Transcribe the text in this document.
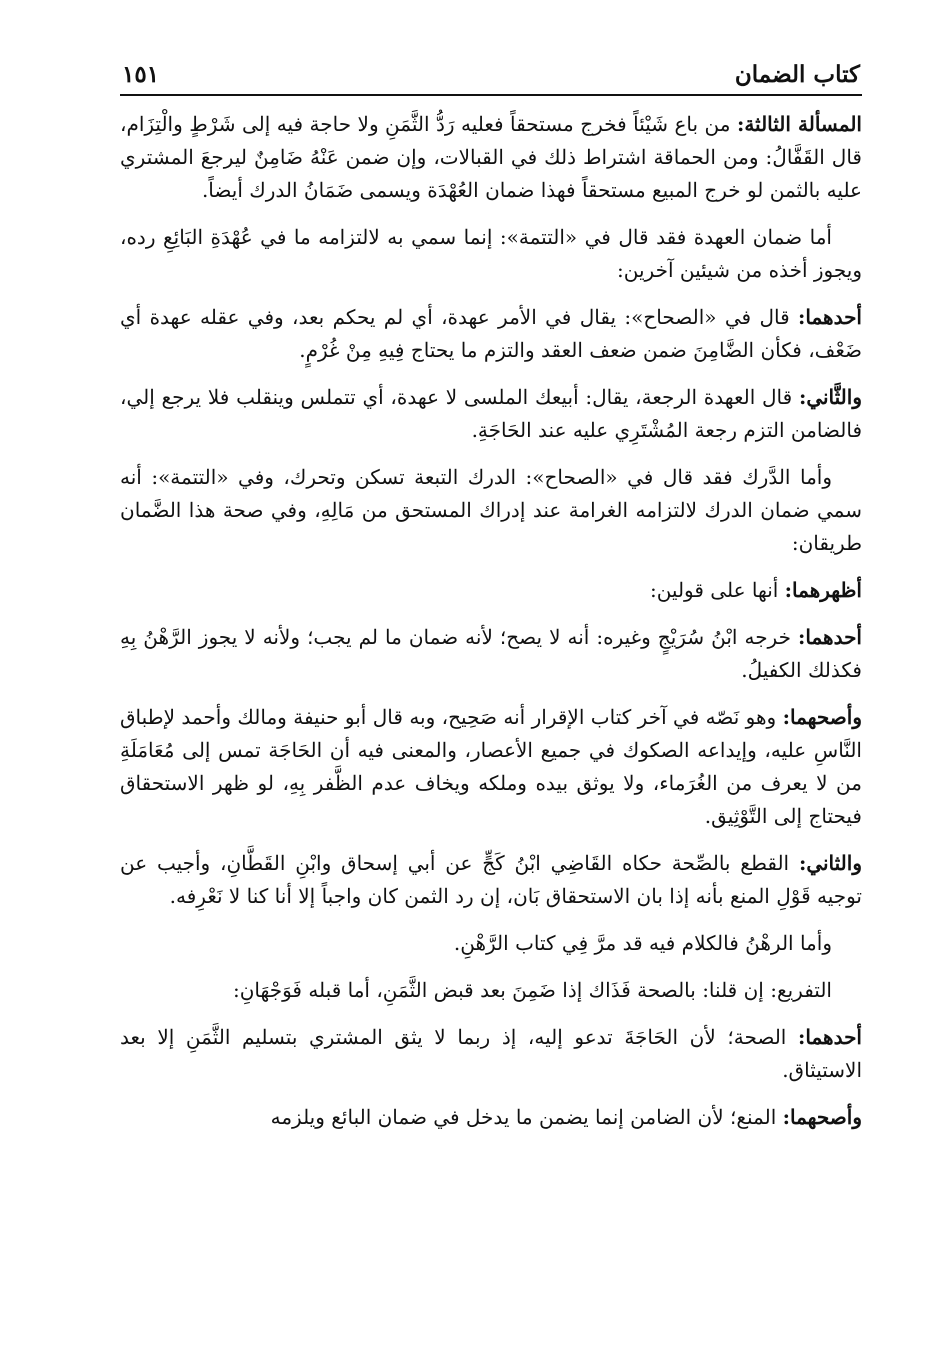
١٥١	كتاب الضمان

المسألة الثالثة: من باع شَيْئاً فخرج مستحقاً فعليه رَدُّ الثَّمَنِ ولا حاجة فيه إلى شَرْطٍ والْتِزَام، قال القَفَّالُ: ومن الحماقة اشتراط ذلك في القبالات، وإن ضمن عَنْهُ ضَامِنٌ ليرجعَ المشتري عليه بالثمن لو خرج المبيع مستحقاً فهذا ضمان العُهْدَة ويسمى ضَمَانُ الدرك أيضاً.

أما ضمان العهدة فقد قال في «التتمة»: إنما سمي به لالتزامه ما في عُهْدَةِ البَائِعِ رده، ويجوز أخذه من شيئين آخرين:

أحدهما: قال في «الصحاح»: يقال في الأمر عهدة، أي لم يحكم بعد، وفي عقله عهدة أي ضَعْف، فكأن الضَّامِنَ ضمن ضعف العقد والتزم ما يحتاج فِيهِ مِنْ غُرْمٍ.

والثَّاني: قال العهدة الرجعة، يقال: أبيعك الملسى لا عهدة، أي تتملس وينقلب فلا يرجع إلي، فالضامن التزم رجعة المُشْتَرِي عليه عند الحَاجَةِ.

وأما الدَّرك فقد قال في «الصحاح»: الدرك التبعة تسكن وتحرك، وفي «التتمة»: أنه سمي ضمان الدرك لالتزامه الغرامة عند إدراك المستحق من مَالِهِ، وفي صحة هذا الضَّمان طريقان:

أظهرهما: أنها على قولين:

أحدهما: خرجه ابْنُ سُرَيْجٍ وغيره: أنه لا يصح؛ لأنه ضمان ما لم يجب؛ ولأنه لا يجوز الرَّهْنُ بِهِ فكذلك الكفيلُ.

وأصحهما: وهو نَصّه في آخر كتاب الإقرار أنه صَحِيح، وبه قال أبو حنيفة ومالك وأحمد لإطباق النَّاسِ عليه، وإيداعه الصكوك في جميع الأعصار، والمعنى فيه أن الحَاجَة تمس إلى مُعَامَلَةِ من لا يعرف من الغُرَماء، ولا يوثق بيده وملكه ويخاف عدم الظَّفر بِهِ، لو ظهر الاستحقاق فيحتاج إلى التَّوْثِيق.

والثاني: القطع بالصِّحة حكاه القَاضِي ابْنُ كَجٍّ عن أبي إسحاق وابْنِ القَطَّانِ، وأجيب عن توجيه قَوْلِ المنع بأنه إذا بان الاستحقاق بَان، إن رد الثمن كان واجباً إلا أنا كنا لا نَعْرِفه.

وأما الرهْنُ فالكلام فيه قد مرَّ فِي كتاب الرَّهْنِ.

التفريع: إن قلنا: بالصحة فَذَاك إذا ضَمِنَ بعد قبض الثَّمَنِ، أما قبله فَوَجْهَانِ:

أحدهما: الصحة؛ لأن الحَاجَةَ تدعو إليه، إذ ربما لا يثق المشتري بتسليم الثَّمَنِ إلا بعد الاستيثاق.

وأصحهما: المنع؛ لأن الضامن إنما يضمن ما يدخل في ضمان البائع ويلزمه
